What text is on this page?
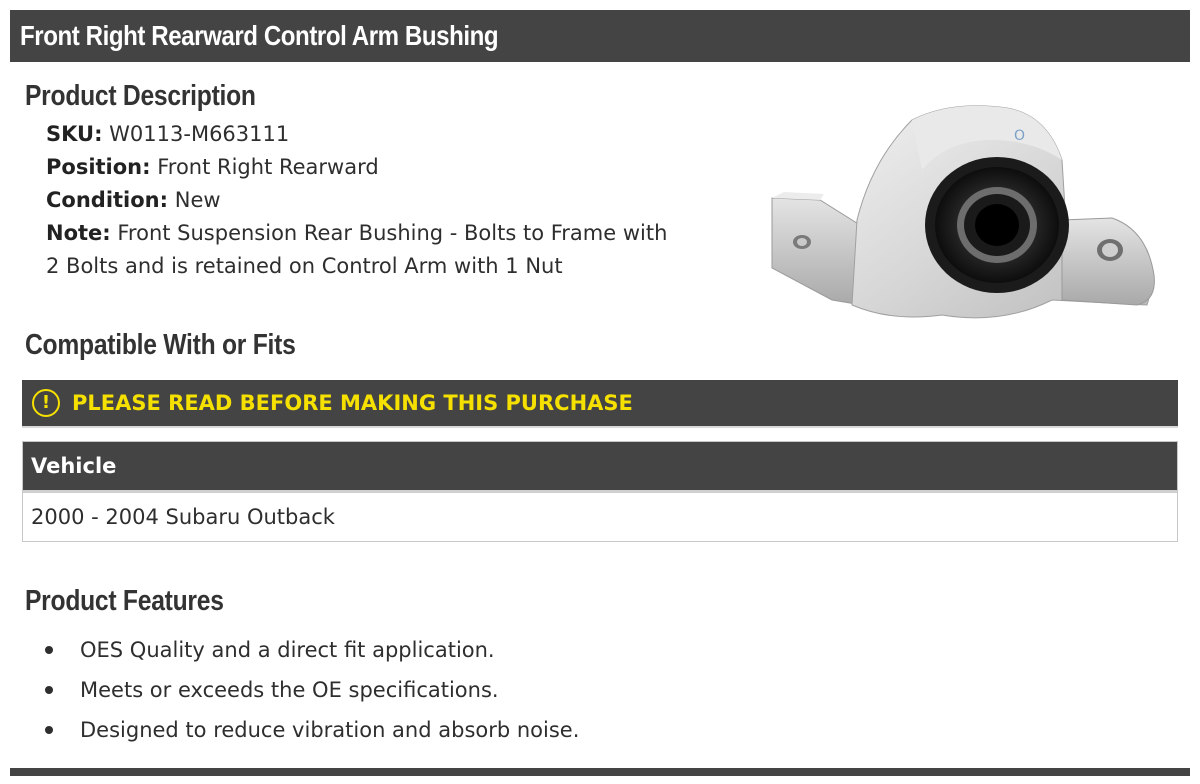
Front Right Rearward Control Arm Bushing
Product Description
SKU: W0113-M663111
Position: Front Right Rearward
Condition: New
Note: Front Suspension Rear Bushing - Bolts to Frame with
2 Bolts and is retained on Control Arm with 1 Nut
O
Compatible With or Fits
!	PLEASE READ BEFORE MAKING THIS PURCHASE
Vehicle
2000 - 2004 Subaru Outback
Product Features
OES Quality and a direct fit application.
Meets or exceeds the OE specifications.
Designed to reduce vibration and absorb noise.
